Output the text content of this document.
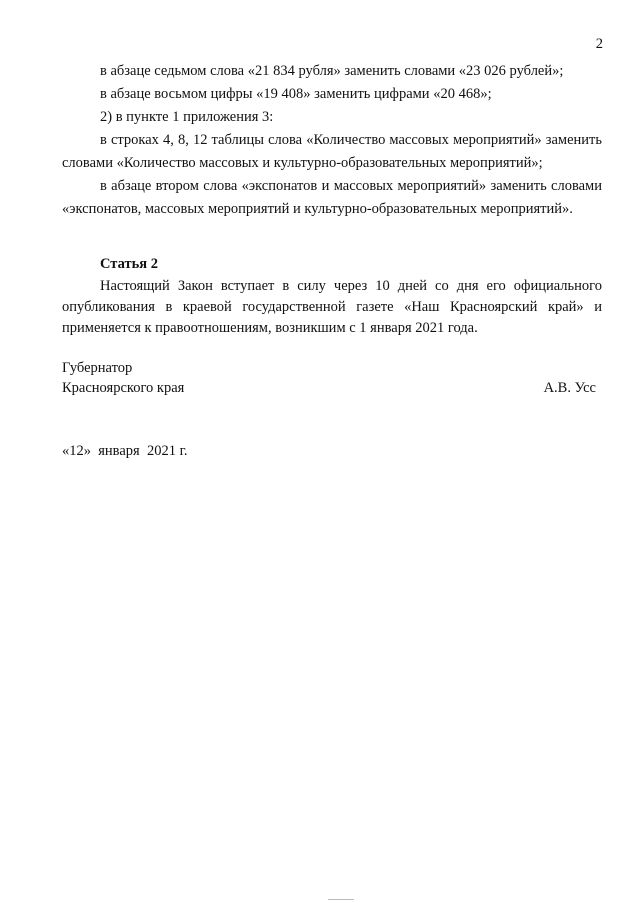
2

в абзаце седьмом слова «21 834 рубля» заменить словами «23 026 рублей»;

в абзаце восьмом цифры «19 408» заменить цифрами «20 468»;

2) в пункте 1 приложения 3:

в строках 4, 8, 12 таблицы слова «Количество массовых мероприятий» заменить словами «Количество массовых и культурно-образовательных мероприятий»;

в абзаце втором слова «экспонатов и массовых мероприятий» заменить словами «экспонатов, массовых мероприятий и культурно-образовательных мероприятий».

Статья 2

Настоящий Закон вступает в силу через 10 дней со дня его официального опубликования в краевой государственной газете «Наш Красноярский край» и применяется к правоотношениям, возникшим с 1 января 2021 года.

Губернатор
Красноярского края	А.В. Усс
«12»  января  2021 г.
